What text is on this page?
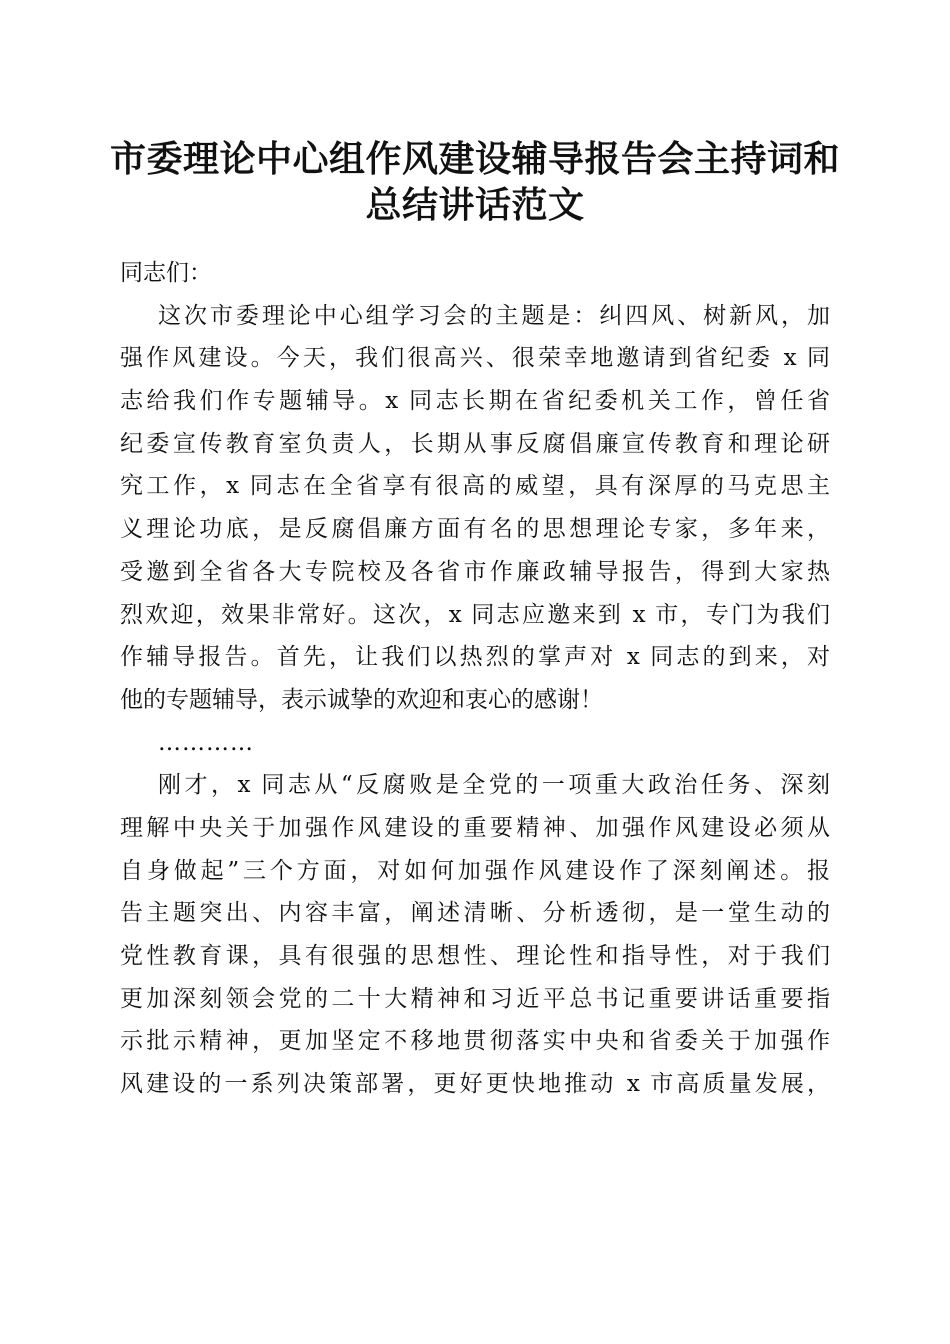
市委理论中心组作风建设辅导报告会主持词和
总结讲话范文
同志们：
这次市委理论中心组学习会的主题是：纠四风、树新风，加
强作风建设。今天，我们很高兴、很荣幸地邀请到省纪委 x 同
志给我们作专题辅导。x 同志长期在省纪委机关工作，曾任省
纪委宣传教育室负责人，长期从事反腐倡廉宣传教育和理论研
究工作，x 同志在全省享有很高的威望，具有深厚的马克思主
义理论功底，是反腐倡廉方面有名的思想理论专家，多年来，
受邀到全省各大专院校及各省市作廉政辅导报告，得到大家热
烈欢迎，效果非常好。这次，x 同志应邀来到 x 市，专门为我们
作辅导报告。首先，让我们以热烈的掌声对 x 同志的到来，对
他的专题辅导，表示诚挚的欢迎和衷心的感谢！
…………
刚才，x 同志从“反腐败是全党的一项重大政治任务、深刻
理解中央关于加强作风建设的重要精神、加强作风建设必须从
自身做起”三个方面，对如何加强作风建设作了深刻阐述。报
告主题突出、内容丰富，阐述清晰、分析透彻，是一堂生动的
党性教育课，具有很强的思想性、理论性和指导性，对于我们
更加深刻领会党的二十大精神和习近平总书记重要讲话重要指
示批示精神，更加坚定不移地贯彻落实中央和省委关于加强作
风建设的一系列决策部署，更好更快地推动 x 市高质量发展，
